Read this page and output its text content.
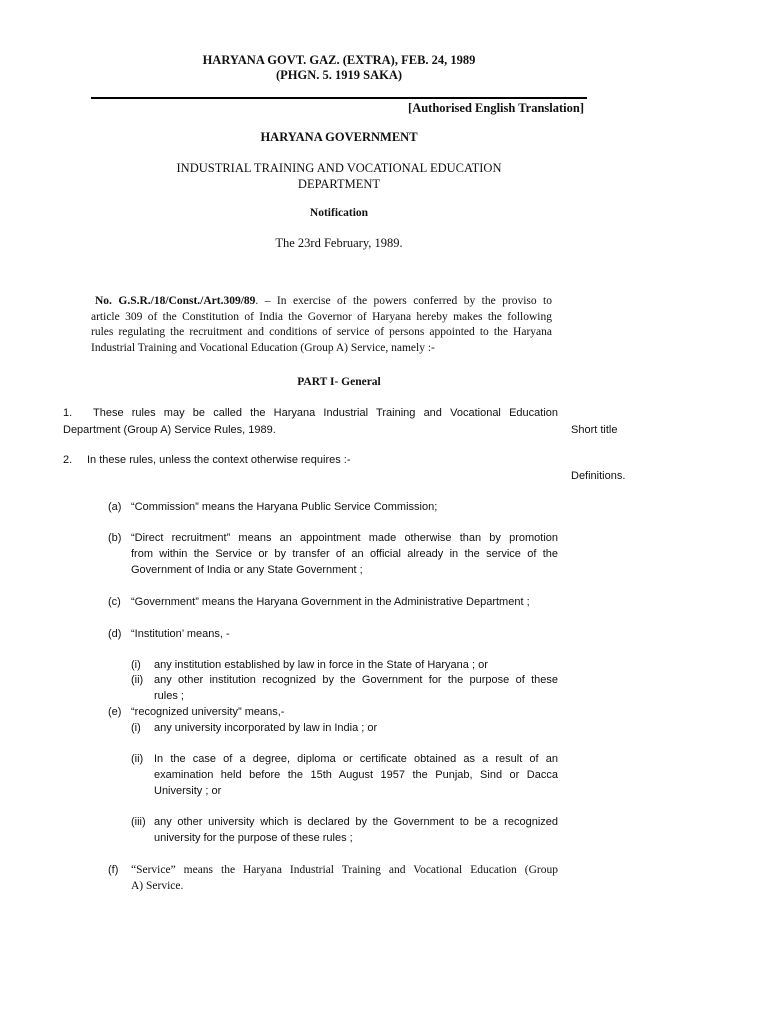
HARYANA GOVT. GAZ. (EXTRA), FEB. 24, 1989
(PHGN. 5. 1919 SAKA)
[Authorised English Translation]
HARYANA GOVERNMENT
INDUSTRIAL TRAINING AND VOCATIONAL EDUCATION
DEPARTMENT
Notification
The 23rd February, 1989.
No. G.S.R./18/Const./Art.309/89. – In exercise of the powers conferred by the proviso to
article 309 of the Constitution of India the Governor of Haryana hereby makes the following
rules regulating the recruitment and conditions of service of persons appointed to the Haryana
Industrial Training and Vocational Education (Group A) Service, namely :-
PART I- General
1. These rules may be called the Haryana Industrial Training and Vocational Education
Department (Group A) Service Rules, 1989.	Short title
2. In these rules, unless the context otherwise requires :-
Definitions.
(a) “Commission” means the Haryana Public Service Commission;
(b) “Direct recruitment” means an appointment made otherwise than by promotion
from within the Service or by transfer of an official already in the service of the
Government of India or any State Government ;
(c) “Government” means the Haryana Government in the Administrative Department ;
(d) “Institution’ means, -
(i) any institution established by law in force in the State of Haryana ; or
(ii) any other institution recognized by the Government for the purpose of these
rules ;
(e) “recognized university” means,-
(i) any university incorporated by law in India ; or
(ii) In the case of a degree, diploma or certificate obtained as a result of an
examination held before the 15th August 1957 the Punjab, Sind or Dacca
University ; or
(iii) any other university which is declared by the Government to be a recognized
university for the purpose of these rules ;
(f) “Service” means the Haryana Industrial Training and Vocational Education (Group
A) Service.
